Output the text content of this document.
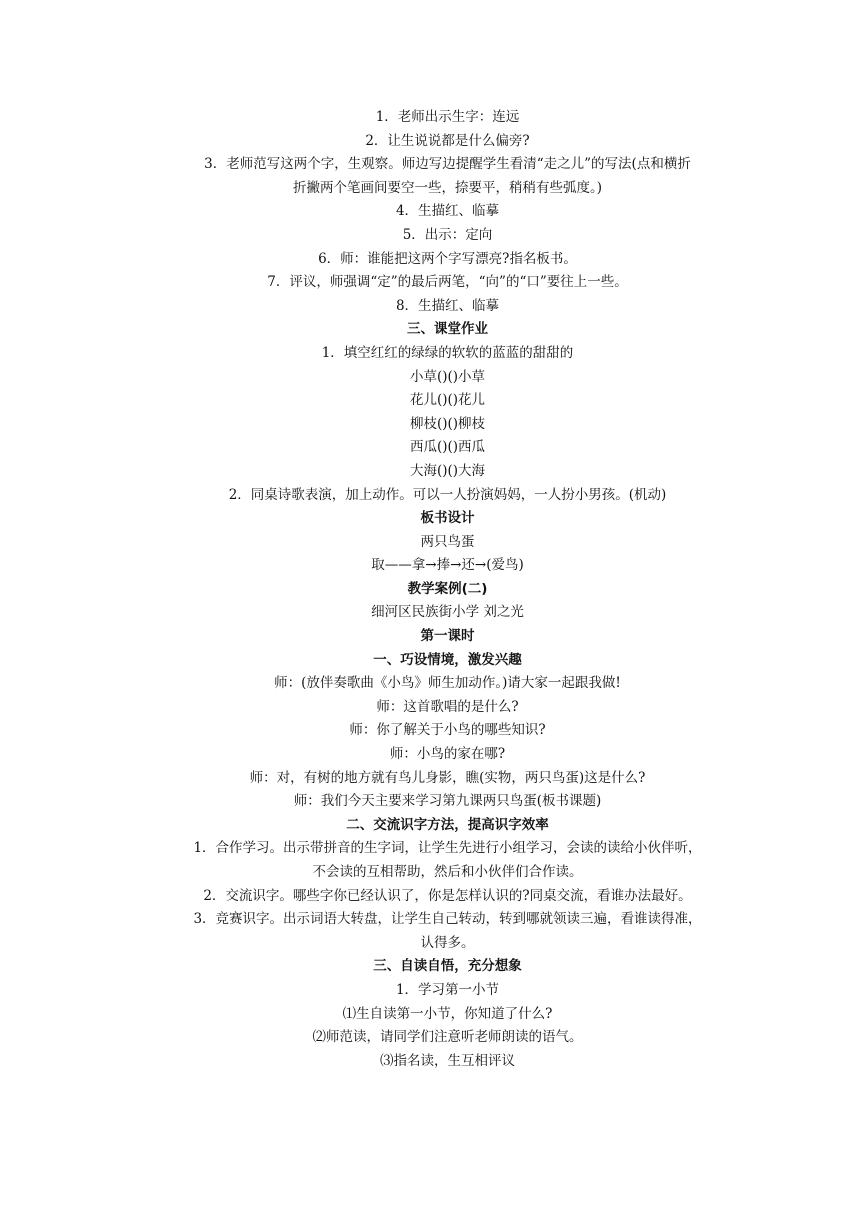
1．老师出示生字：连远
2．让生说说都是什么偏旁?
3．老师范写这两个字，生观察。师边写边提醒学生看清“走之儿”的写法(点和横折
折撇两个笔画间要空一些，捺要平，稍稍有些弧度。)
4．生描红、临摹
5．出示：定向
6．师：谁能把这两个字写漂亮?指名板书。
7．评议，师强调“定”的最后两笔，“向”的“口”要往上一些。
8．生描红、临摹
三、课堂作业
1．填空红红的绿绿的软软的蓝蓝的甜甜的
小草()()小草
花儿()()花儿
柳枝()()柳枝
西瓜()()西瓜
大海()()大海
2．同桌诗歌表演，加上动作。可以一人扮演妈妈，一人扮小男孩。(机动)
板书设计
两只鸟蛋
取——拿→捧→还→(爱鸟)
教学案例(二)
细河区民族街小学 刘之光
第一课时
一、巧设情境，激发兴趣
师：(放伴奏歌曲《小鸟》师生加动作。)请大家一起跟我做!
师：这首歌唱的是什么?
师：你了解关于小鸟的哪些知识?
师：小鸟的家在哪?
师：对，有树的地方就有鸟儿身影，瞧(实物，两只鸟蛋)这是什么?
师：我们今天主要来学习第九课两只鸟蛋(板书课题)
二、交流识字方法，提高识字效率
1．合作学习。出示带拼音的生字词，让学生先进行小组学习，会读的读给小伙伴听，
不会读的互相帮助，然后和小伙伴们合作读。
2．交流识字。哪些字你已经认识了，你是怎样认识的?同桌交流，看谁办法最好。
3．竞赛识字。出示词语大转盘，让学生自己转动，转到哪就领读三遍，看谁读得准，
认得多。
三、自读自悟，充分想象
1．学习第一小节
⑴生自读第一小节，你知道了什么?
⑵师范读，请同学们注意听老师朗读的语气。
⑶指名读，生互相评议
